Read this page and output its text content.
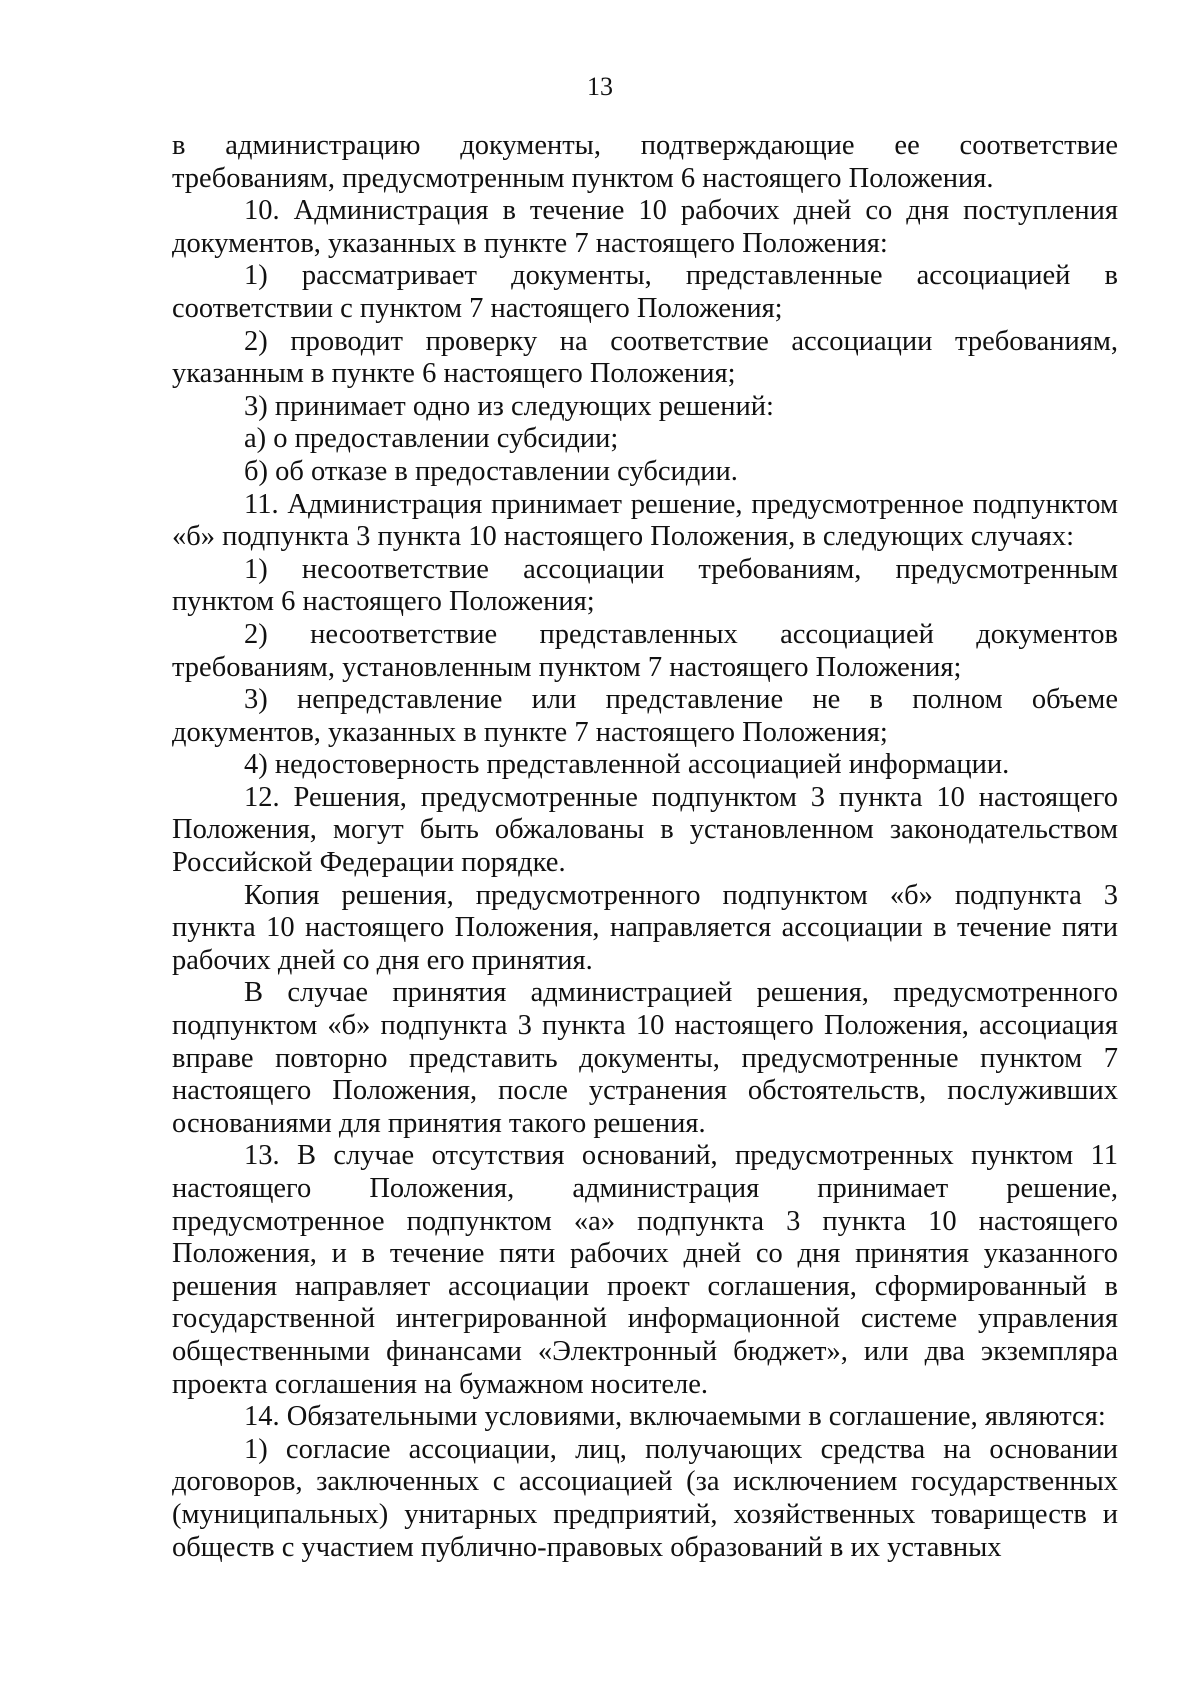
13

в администрацию документы, подтверждающие ее соответствие требованиям, предусмотренным пунктом 6 настоящего Положения.

10. Администрация в течение 10 рабочих дней со дня поступления документов, указанных в пункте 7 настоящего Положения:

1) рассматривает документы, представленные ассоциацией в соответствии с пунктом 7 настоящего Положения;

2) проводит проверку на соответствие ассоциации требованиям, указанным в пункте 6 настоящего Положения;

3) принимает одно из следующих решений:

а) о предоставлении субсидии;

б) об отказе в предоставлении субсидии.

11. Администрация принимает решение, предусмотренное подпунктом «б» подпункта 3 пункта 10 настоящего Положения, в следующих случаях:

1) несоответствие ассоциации требованиям, предусмотренным пунктом 6 настоящего Положения;

2) несоответствие представленных ассоциацией документов требованиям, установленным пунктом 7 настоящего Положения;

3) непредставление или представление не в полном объеме документов, указанных в пункте 7 настоящего Положения;

4) недостоверность представленной ассоциацией информации.

12. Решения, предусмотренные подпунктом 3 пункта 10 настоящего Положения, могут быть обжалованы в установленном законодательством Российской Федерации порядке.

Копия решения, предусмотренного подпунктом «б» подпункта 3 пункта 10 настоящего Положения, направляется ассоциации в течение пяти рабочих дней со дня его принятия.

В случае принятия администрацией решения, предусмотренного подпунктом «б» подпункта 3 пункта 10 настоящего Положения, ассоциация вправе повторно представить документы, предусмотренные пунктом 7 настоящего Положения, после устранения обстоятельств, послуживших основаниями для принятия такого решения.

13. В случае отсутствия оснований, предусмотренных пунктом 11 настоящего Положения, администрация принимает решение, предусмотренное подпунктом «а» подпункта 3 пункта 10 настоящего Положения, и в течение пяти рабочих дней со дня принятия указанного решения направляет ассоциации проект соглашения, сформированный в государственной интегрированной информационной системе управления общественными финансами «Электронный бюджет», или два экземпляра проекта соглашения на бумажном носителе.

14. Обязательными условиями, включаемыми в соглашение, являются:

1) согласие ассоциации, лиц, получающих средства на основании договоров, заключенных с ассоциацией (за исключением государственных (муниципальных) унитарных предприятий, хозяйственных товариществ и обществ с участием публично-правовых образований в их уставных
